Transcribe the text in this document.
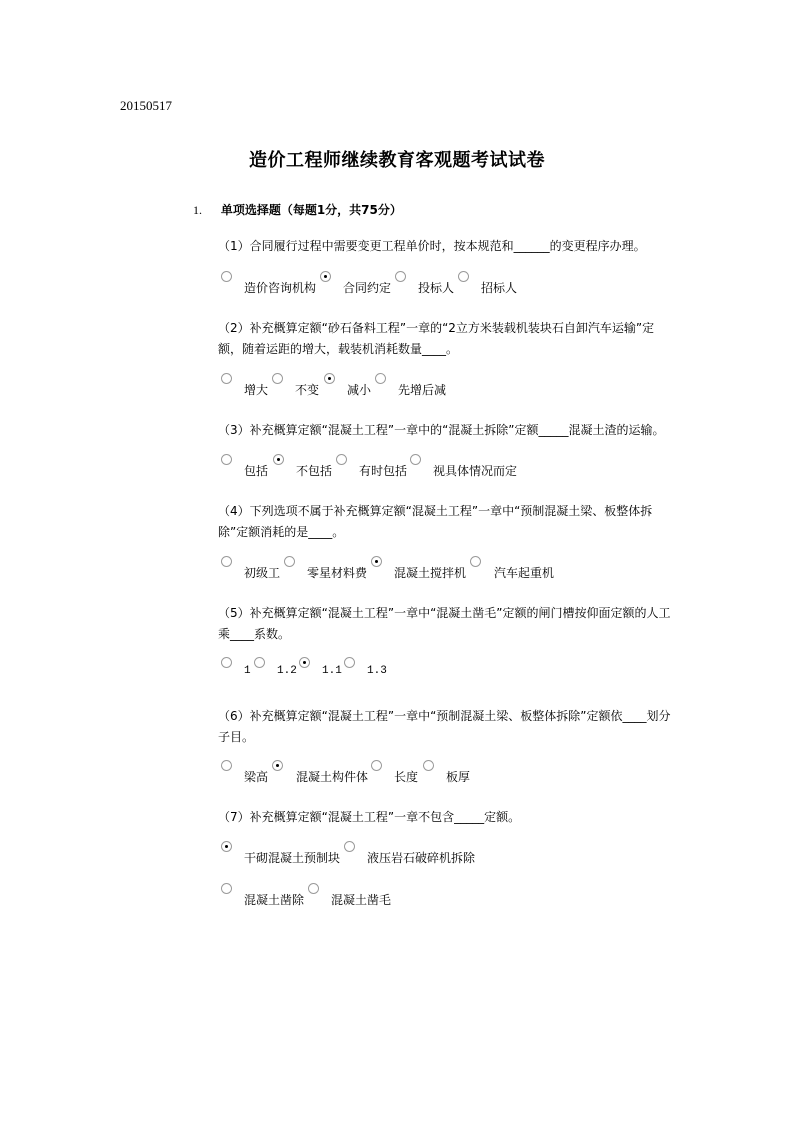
20150517
造价工程师继续教育客观题考试试卷
1. 单项选择题（每题1分，共75分）
（1）合同履行过程中需要变更工程单价时，按本规范和______的变更程序办理。
造价咨询机构 合同约定 投标人 招标人
（2）补充概算定额“砂石备料工程”一章的“2立方米装载机装块石自卸汽车运输”定额，随着运距的增大，载装机消耗数量____。
增大 不变 减小 先增后减
（3）补充概算定额“混凝土工程”一章中的“混凝土拆除”定额_____混凝土渣的运输。
包括 不包括 有时包括 视具体情况而定
（4）下列选项不属于补充概算定额“混凝土工程”一章中“预制混凝土梁、板整体拆除”定额消耗的是____。
初级工 零星材料费 混凝土搅拌机 汽车起重机
（5）补充概算定额“混凝土工程”一章中“混凝土凿毛”定额的闸门槽按仰面定额的人工乘____系数。
1 1.2 1.1 1.3
（6）补充概算定额“混凝土工程”一章中“预制混凝土梁、板整体拆除”定额依____划分子目。
梁高 混凝土构件体 长度 板厚
（7）补充概算定额“混凝土工程”一章不包含_____定额。
干砌混凝土预制块 液压岩石破碎机拆除
混凝土凿除 混凝土凿毛
